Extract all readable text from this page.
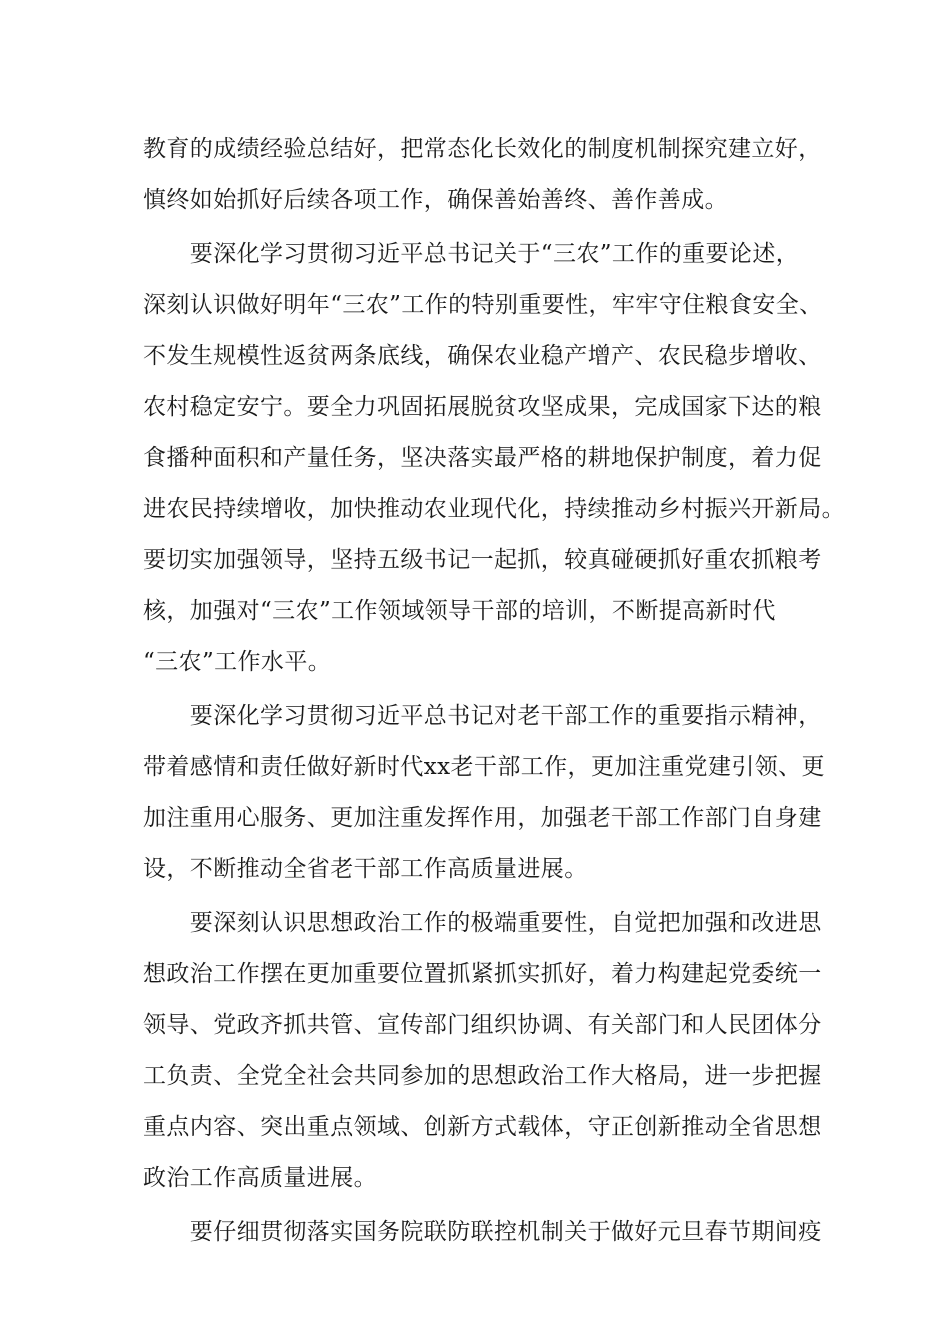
教育的成绩经验总结好，把常态化长效化的制度机制探究建立好，
慎终如始抓好后续各项工作，确保善始善终、善作善成。
　　要深化学习贯彻习近平总书记关于“三农”工作的重要论述，
深刻认识做好明年“三农”工作的特别重要性，牢牢守住粮食安全、
不发生规模性返贫两条底线，确保农业稳产增产、农民稳步增收、
农村稳定安宁。要全力巩固拓展脱贫攻坚成果，完成国家下达的粮
食播种面积和产量任务，坚决落实最严格的耕地保护制度，着力促
进农民持续增收，加快推动农业现代化，持续推动乡村振兴开新局。
要切实加强领导，坚持五级书记一起抓，较真碰硬抓好重农抓粮考
核，加强对“三农”工作领域领导干部的培训，不断提高新时代
“三农”工作水平。
　　要深化学习贯彻习近平总书记对老干部工作的重要指示精神，
带着感情和责任做好新时代xx老干部工作，更加注重党建引领、更
加注重用心服务、更加注重发挥作用，加强老干部工作部门自身建
设，不断推动全省老干部工作高质量进展。
　　要深刻认识思想政治工作的极端重要性，自觉把加强和改进思
想政治工作摆在更加重要位置抓紧抓实抓好，着力构建起党委统一
领导、党政齐抓共管、宣传部门组织协调、有关部门和人民团体分
工负责、全党全社会共同参加的思想政治工作大格局，进一步把握
重点内容、突出重点领域、创新方式载体，守正创新推动全省思想
政治工作高质量进展。
　　要仔细贯彻落实国务院联防联控机制关于做好元旦春节期间疫
